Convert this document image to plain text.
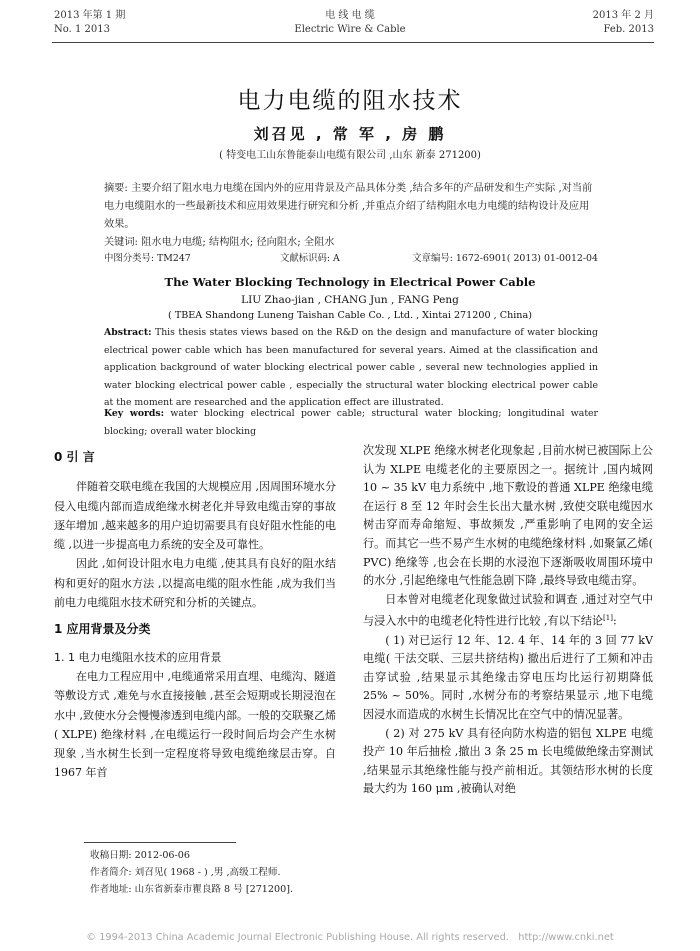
2013 年第 1 期
No. 1 2013
电 线 电 缆
Electric Wire & Cable
2013 年 2 月
Feb. 2013
电力电缆的阻水技术
刘召见 , 常 军 , 房 鹏
( 特变电工山东鲁能泰山电缆有限公司 ,山东 新泰 271200)
摘要: 主要介绍了阻水电力电缆在国内外的应用背景及产品具体分类 ,结合多年的产品研发和生产实际 ,对当前电力电缆阻水的一些最新技术和应用效果进行研究和分析 ,并重点介绍了结构阻水电力电缆的结构设计及应用效果。
关键词: 阻水电力电缆; 结构阻水; 径向阻水; 全阻水
中图分类号: TM247	文献标识码: A	文章编号: 1672-6901( 2013) 01-0012-04
The Water Blocking Technology in Electrical Power Cable
LIU Zhao-jian , CHANG Jun , FANG Peng
( TBEA Shandong Luneng Taishan Cable Co. , Ltd. , Xintai 271200 , China)
Abstract: This thesis states views based on the R&D on the design and manufacture of water blocking electrical power cable which has been manufactured for several years. Aimed at the classification and application background of water blocking electrical power cable , several new technologies applied in water blocking electrical power cable , especially the structural water blocking electrical power cable at the moment are researched and the application effect are illustrated.
Key words: water blocking electrical power cable; structural water blocking; longitudinal water blocking; overall water blocking
0 引 言

伴随着交联电缆在我国的大规模应用 ,因周围环境水分侵入电缆内部而造成绝缘水树老化并导致电缆击穿的事故逐年增加 ,越来越多的用户迫切需要具有良好阻水性能的电缆 ,以进一步提高电力系统的安全及可靠性。

因此 ,如何设计阻水电力电缆 ,使其具有良好的阻水结构和更好的阻水方法 ,以提高电缆的阻水性能 ,成为我们当前电力电缆阻水技术研究和分析的关键点。

1 应用背景及分类
1. 1 电力电缆阻水技术的应用背景

在电力工程应用中 ,电缆通常采用直埋、电缆沟、隧道等敷设方式 ,难免与水直接接触 ,甚至会短期或长期浸泡在水中 ,致使水分会慢慢渗透到电缆内部。一般的交联聚乙烯( XLPE) 绝缘材料 ,在电缆运行一段时间后均会产生水树现象 ,当水树生长到一定程度将导致电缆绝缘层击穿。自 1967 年首

次发现 XLPE 绝缘水树老化现象起 ,目前水树已被国际上公认为 XLPE 电缆老化的主要原因之一。据统计 ,国内城网 10 ~ 35 kV 电力系统中 ,地下敷设的普通 XLPE 绝缘电缆在运行 8 至 12 年时会生长出大量水树 ,致使交联电缆因水树击穿而寿命缩短、事故频发 ,严重影响了电网的安全运行。而其它一些不易产生水树的电缆绝缘材料 ,如聚氯乙烯( PVC) 绝缘等 ,也会在长期的水浸泡下逐渐吸收周围环境中的水分 ,引起绝缘电气性能急剧下降 ,最终导致电缆击穿。

日本曾对电缆老化现象做过试验和调查 ,通过对空气中与浸入水中的电缆老化特性进行比较 ,有以下结论[1]:

( 1) 对已运行 12 年、12. 4 年、14 年的 3 回 77 kV 电缆( 干法交联、三层共挤结构) 撤出后进行了工频和冲击击穿试验 ,结果显示其绝缘击穿电压均比运行初期降低 25% ~ 50%。同时 ,水树分布的考察结果显示 ,地下电缆因浸水而造成的水树生长情况比在空气中的情况显著。

( 2) 对 275 kV 具有径向防水构造的铝包 XLPE 电缆投产 10 年后抽检 ,撤出 3 条 25 m 长电缆做绝缘击穿测试 ,结果显示其绝缘性能与投产前相近。其领结形水树的长度最大约为 160 μm ,被确认对绝

收稿日期: 2012-06-06
作者简介: 刘召见( 1968 - ) ,男 ,高级工程师.
作者地址: 山东省新泰市瞿良路 8 号 [271200].
© 1994-2013 China Academic Journal Electronic Publishing House. All rights reserved. http://www.cnki.net
